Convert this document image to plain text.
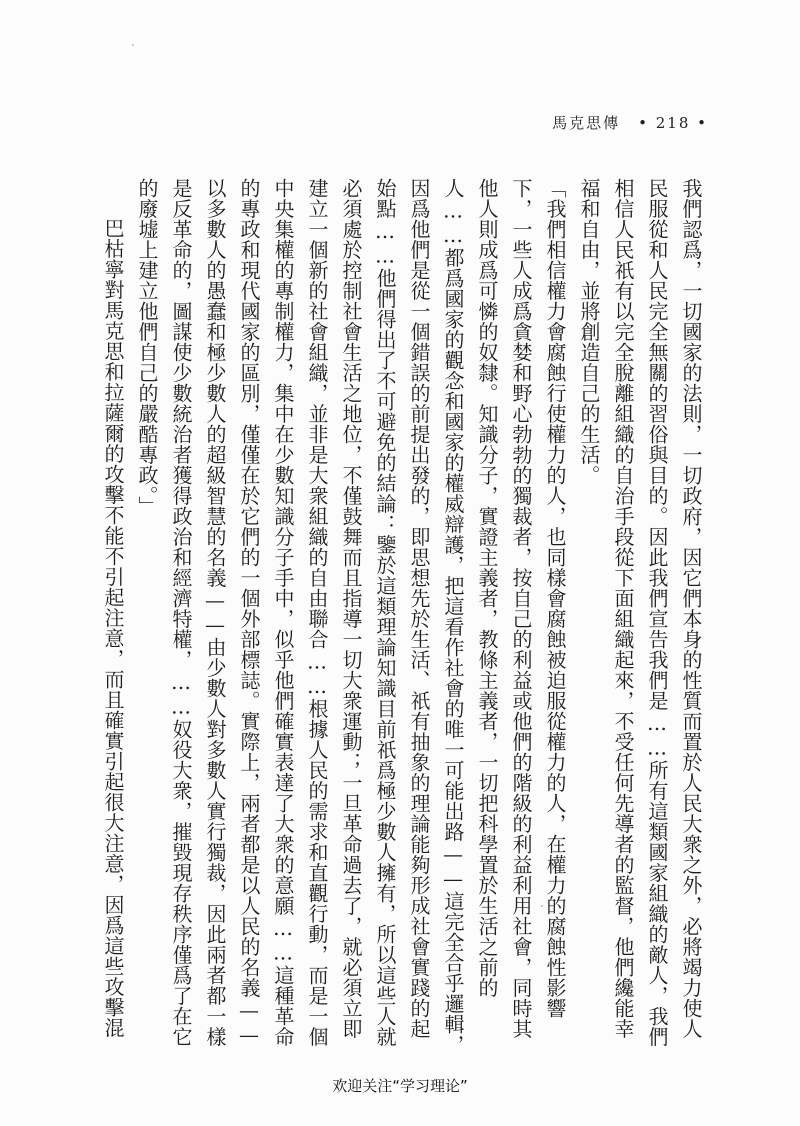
馬克思傳 • 218 •

我們認爲，一切國家的法則，一切政府，因它們本身的性質而置於人民大衆之外，必將竭力使人民服從和人民完全無關的習俗與目的。因此我們宣告我們是……所有這類國家組織的敵人，我們相信人民祇有以完全脫離組織的自治手段從下面組織起來，不受任何先導者的監督，他們纔能幸福和自由，並將創造自己的生活。

「我們相信權力會腐蝕行使權力的人，也同樣會腐蝕被迫服從權力的人，在權力的腐蝕性影響下，一些人成爲貪婪和野心勃勃的獨裁者，按自己的利益或他們的階級的利益利用社會，同時其他人則成爲可憐的奴隸。知識分子，實證主義者，教條主義者，一切把科學置於生活之前的人……都爲國家的觀念和國家的權威辯護，把這看作社會的唯一可能出路——這完全合乎邏輯，因爲他們是從一個錯誤的前提出發的，即思想先於生活、祇有抽象的理論能夠形成社會實踐的起始點……他們得出了不可避免的結論：鑒於這類理論知識目前祇爲極少數人擁有，所以這些人就必須處於控制社會生活之地位，不僅鼓舞而且指導一切大衆運動；一旦革命過去了，就必須立即建立一個新的社會組織，並非是大衆組織的自由聯合……根據人民的需求和直觀行動，而是一個中央集權的專制權力，集中在少數知識分子手中，似乎他們確實表達了大衆的意願……這種革命的專政和現代國家的區別，僅僅在於它們的一個外部標誌。實際上，兩者都是以人民的名義——以多數人的愚蠢和極少數人的超級智慧的名義——由少數人對多數人實行獨裁，因此兩者都一樣是反革命的，圖謀使少數統治者獲得政治和經濟特權，……奴役大衆，摧毀現存秩序僅爲了在它的廢墟上建立他們自己的嚴酷專政。」

巴枯寧對馬克思和拉薩爾的攻擊不能不引起注意，而且確實引起很大注意，因爲這些攻擊混

欢迎关注“学习理论”
